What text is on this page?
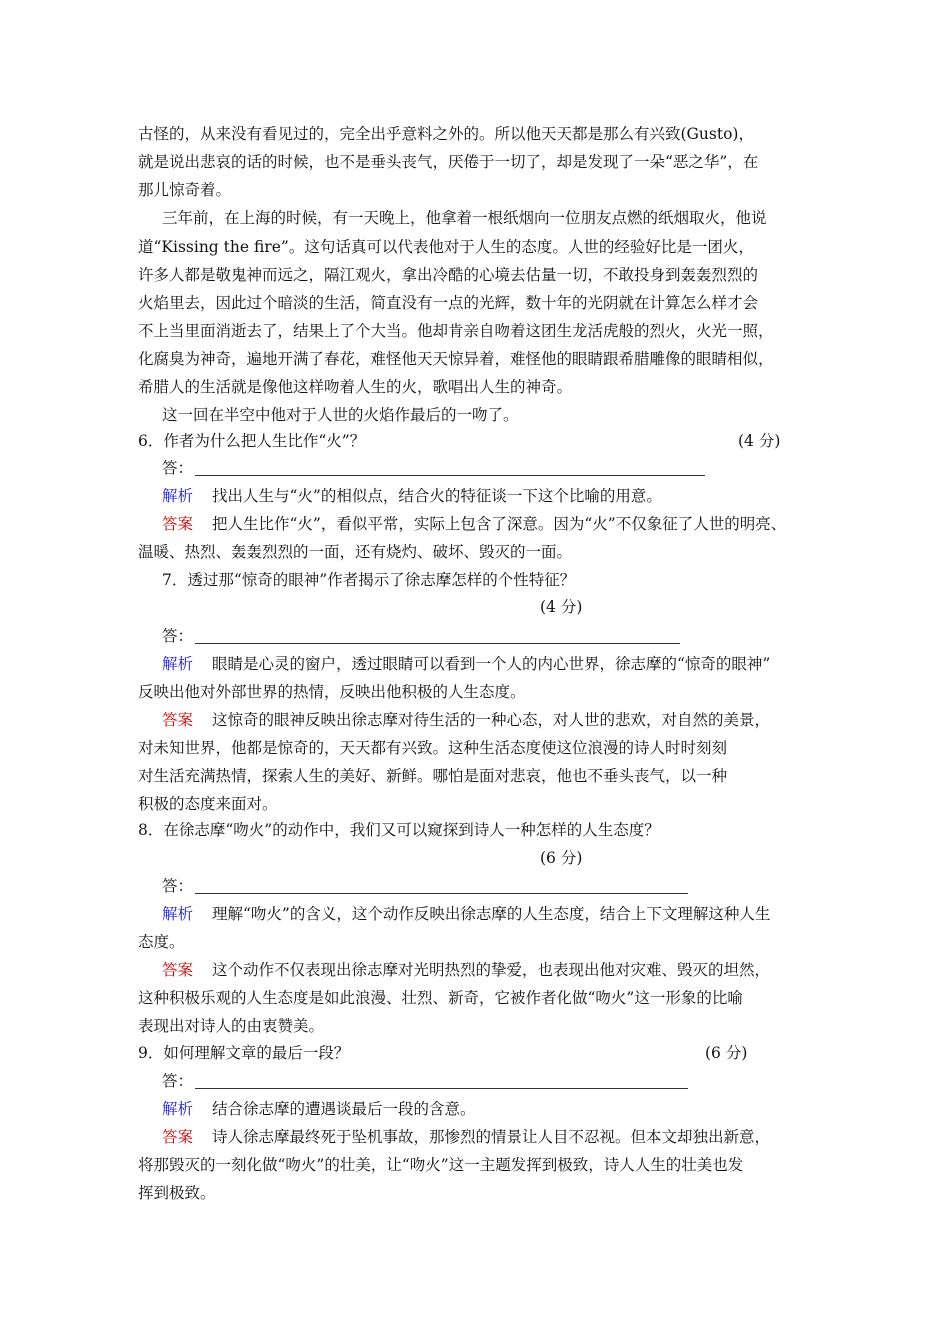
古怪的，从来没有看见过的，完全出乎意料之外的。所以他天天都是那么有兴致(Gusto)，
就是说出悲哀的话的时候，也不是垂头丧气，厌倦于一切了，却是发现了一朵“恶之华”，在
那儿惊奇着。
三年前，在上海的时候，有一天晚上，他拿着一根纸烟向一位朋友点燃的纸烟取火，他说
道“Kissing the fire”。这句话真可以代表他对于人生的态度。人世的经验好比是一团火，
许多人都是敬鬼神而远之，隔江观火，拿出冷酷的心境去估量一切，不敢投身到轰轰烈烈的
火焰里去，因此过个暗淡的生活，简直没有一点的光辉，数十年的光阴就在计算怎么样才会
不上当里面消逝去了，结果上了个大当。他却肯亲自吻着这团生龙活虎般的烈火，火光一照，
化腐臭为神奇，遍地开满了春花，难怪他天天惊异着，难怪他的眼睛跟希腊雕像的眼睛相似，
希腊人的生活就是像他这样吻着人生的火，歌唱出人生的神奇。
这一回在半空中他对于人世的火焰作最后的一吻了。
6．作者为什么把人生比作“火”？	(4 分)
答：
解析 找出人生与“火”的相似点，结合火的特征谈一下这个比喻的用意。
答案 把人生比作“火”，看似平常，实际上包含了深意。因为“火”不仅象征了人世的明亮、
温暖、热烈、轰轰烈烈的一面，还有烧灼、破坏、毁灭的一面。
7．透过那“惊奇的眼神”作者揭示了徐志摩怎样的个性特征？
(4 分)
答：
解析 眼睛是心灵的窗户，透过眼睛可以看到一个人的内心世界，徐志摩的“惊奇的眼神”
反映出他对外部世界的热情，反映出他积极的人生态度。
答案 这惊奇的眼神反映出徐志摩对待生活的一种心态，对人世的悲欢，对自然的美景，
对未知世界，他都是惊奇的，天天都有兴致。这种生活态度使这位浪漫的诗人时时刻刻
对生活充满热情，探索人生的美好、新鲜。哪怕是面对悲哀，他也不垂头丧气，以一种
积极的态度来面对。
8．在徐志摩“吻火”的动作中，我们又可以窥探到诗人一种怎样的人生态度？
(6 分)
答：
解析 理解“吻火”的含义，这个动作反映出徐志摩的人生态度，结合上下文理解这种人生
态度。
答案 这个动作不仅表现出徐志摩对光明热烈的挚爱，也表现出他对灾难、毁灭的坦然，
这种积极乐观的人生态度是如此浪漫、壮烈、新奇，它被作者化做“吻火”这一形象的比喻
表现出对诗人的由衷赞美。
9．如何理解文章的最后一段？	(6 分)
答：
解析 结合徐志摩的遭遇谈最后一段的含意。
答案 诗人徐志摩最终死于坠机事故，那惨烈的情景让人目不忍视。但本文却独出新意，
将那毁灭的一刻化做“吻火”的壮美，让“吻火”这一主题发挥到极致，诗人人生的壮美也发
挥到极致。
